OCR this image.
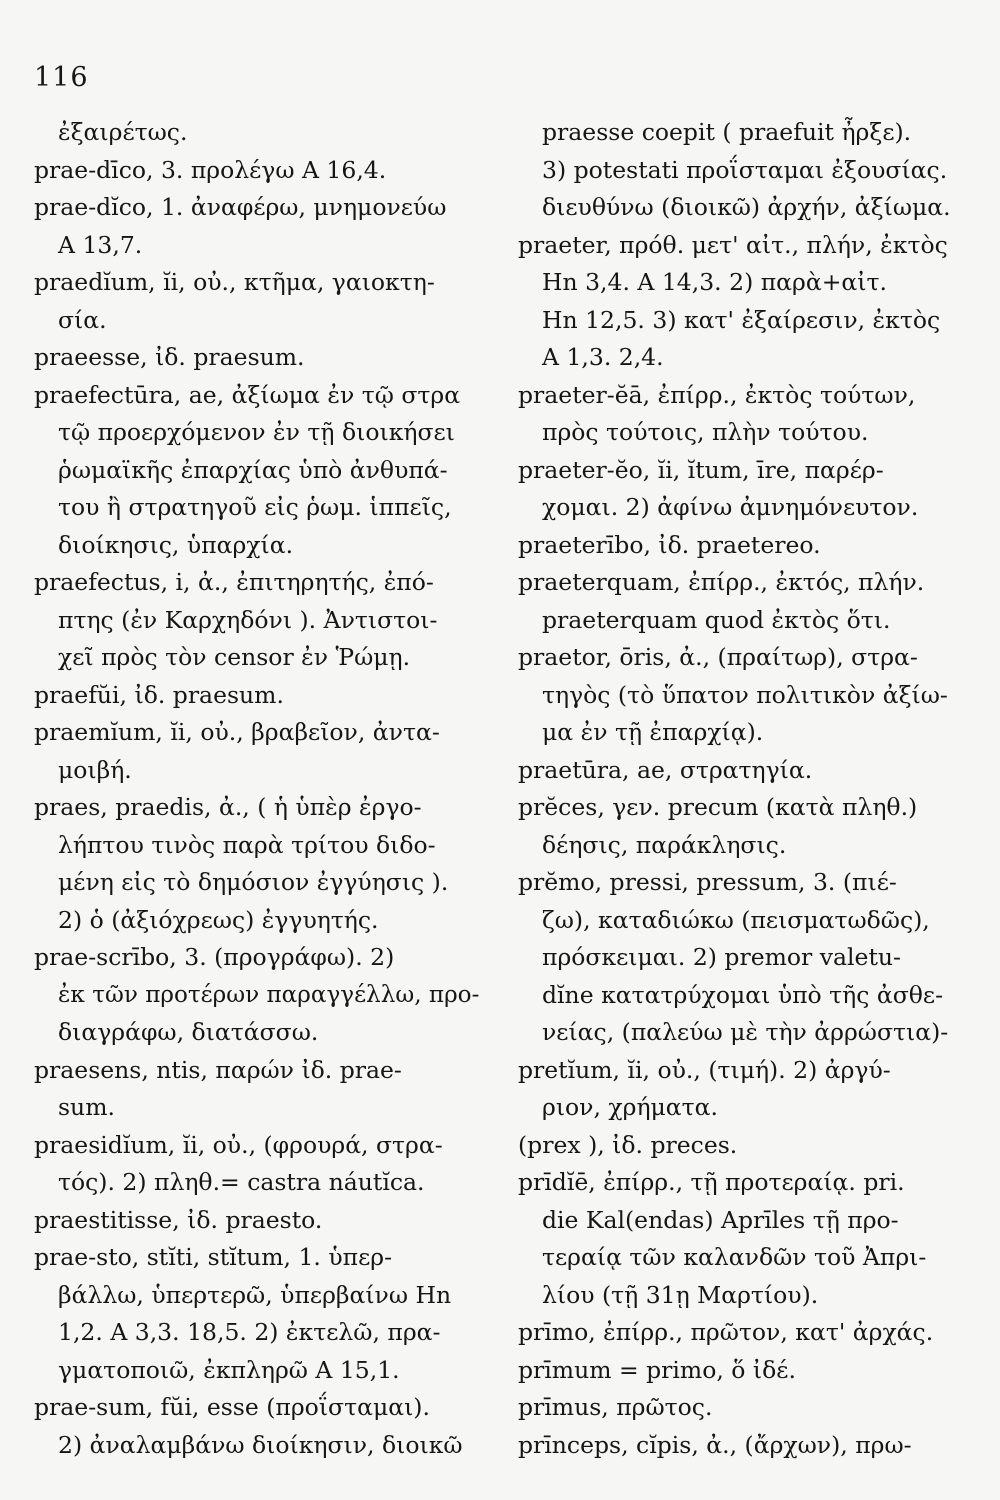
116
ἐξαιρέτως.
prae-dīco, 3. προλέγω Α 16,4.
prae-dĭco, 1. ἀναφέρω, μνημονεύω
Α 13,7.
praedĭum, ĭi, οὐ., κτῆμα, γαιοκτη-
σία.
praeesse, ἰδ. praesum.
praefectūra, ae, ἀξίωμα ἐν τῷ στρα
τῷ προερχόμενον ἐν τῇ διοικήσει
ῥωμαϊκῆς ἐπαρχίας ὑπὸ ἀνθυπά-
του ἢ στρατηγοῦ εἰς ῥωμ. ἱππεῖς,
διοίκησις, ὑπαρχία.
praefectus, i, ἀ., ἐπιτηρητής, ἐπό-
πτης (ἐν Καρχηδόνι ). Ἀντιστοι-
χεῖ πρὸς τὸν censor ἐν Ῥώμῃ.
praefŭi, ἰδ. praesum.
praemĭum, ĭi, οὐ., βραβεῖον, ἀντα-
μοιβή.
praes, praedis, ἀ., ( ἡ ὑπὲρ ἐργο-
λήπτου τινὸς παρὰ τρίτου διδο-
μένη εἰς τὸ δημόσιον ἐγγύησις ).
2) ὁ (ἀξιόχρεως) ἐγγυητής.
prae-scrībo, 3. (προγράφω). 2)
ἐκ τῶν προτέρων παραγγέλλω, προ-
διαγράφω, διατάσσω.
praesens, ntis, παρών ἰδ. prae-
sum.
praesidĭum, ĭi, οὐ., (φρουρά, στρα-
τός). 2) πληθ.= castra náutĭca.
praestitisse, ἰδ. praesto.
prae-sto, stĭti, stĭtum, 1. ὑπερ-
βάλλω, ὑπερτερῶ, ὑπερβαίνω Ηn
1,2. Α 3,3. 18,5. 2) ἐκτελῶ, πρα-
γματοποιῶ, ἐκπληρῶ Α 15,1.
prae-sum, fŭi, esse (προΐσταμαι).
2) ἀναλαμβάνω διοίκησιν, διοικῶ
praesse coepit ( praefuit ἦρξε).
3) potestati προΐσταμαι ἐξουσίας.
διευθύνω (διοικῶ) ἀρχήν, ἀξίωμα.
praeter, πρόθ. μετ' αἰτ., πλήν, ἐκτὸς
Ηn 3,4. Α 14,3. 2) παρὰ+αἰτ.
Ηn 12,5. 3) κατ' ἐξαίρεσιν, ἐκτὸς
Α 1,3. 2,4.
praeter-ĕā, ἐπίρρ., ἐκτὸς τούτων,
πρὸς τούτοις, πλὴν τούτου.
praeter-ĕo, ĭi, ĭtum, īre, παρέρ-
χομαι. 2) ἀφίνω ἀμνημόνευτον.
praeterībo, ἰδ. praetereo.
praeterquam, ἐπίρρ., ἐκτός, πλήν.
praeterquam quod ἐκτὸς ὅτι.
praetor, ōris, ἀ., (πραίτωρ), στρα-
τηγὸς (τὸ ὕπατον πολιτικὸν ἀξίω-
μα ἐν τῇ ἐπαρχίᾳ).
praetūra, ae, στρατηγία.
prĕces, γεν. precum (κατὰ πληθ.)
δέησις, παράκλησις.
prĕmo, pressi, pressum, 3. (πιέ-
ζω), καταδιώκω (πεισματωδῶς),
πρόσκειμαι. 2) premor valetu-
dĭne κατατρύχομαι ὑπὸ τῆς ἀσθε-
νείας, (παλεύω μὲ τὴν ἀρρώστια)-
pretĭum, ĭi, οὐ., (τιμή). 2) ἀργύ-
ριον, χρήματα.
(prex ), ἰδ. preces.
prīdĭē, ἐπίρρ., τῇ προτεραίᾳ. pri.
die Kal(endas) Aprīles τῇ προ-
τεραίᾳ τῶν καλανδῶν τοῦ Ἀπρι-
λίου (τῇ 31ῃ Μαρτίου).
prīmo, ἐπίρρ., πρῶτον, κατ' ἀρχάς.
prīmum = primo, ὅ ἰδέ.
prīmus, πρῶτος.
prīnceps, cĭpis, ἀ., (ἄρχων), πρω-
